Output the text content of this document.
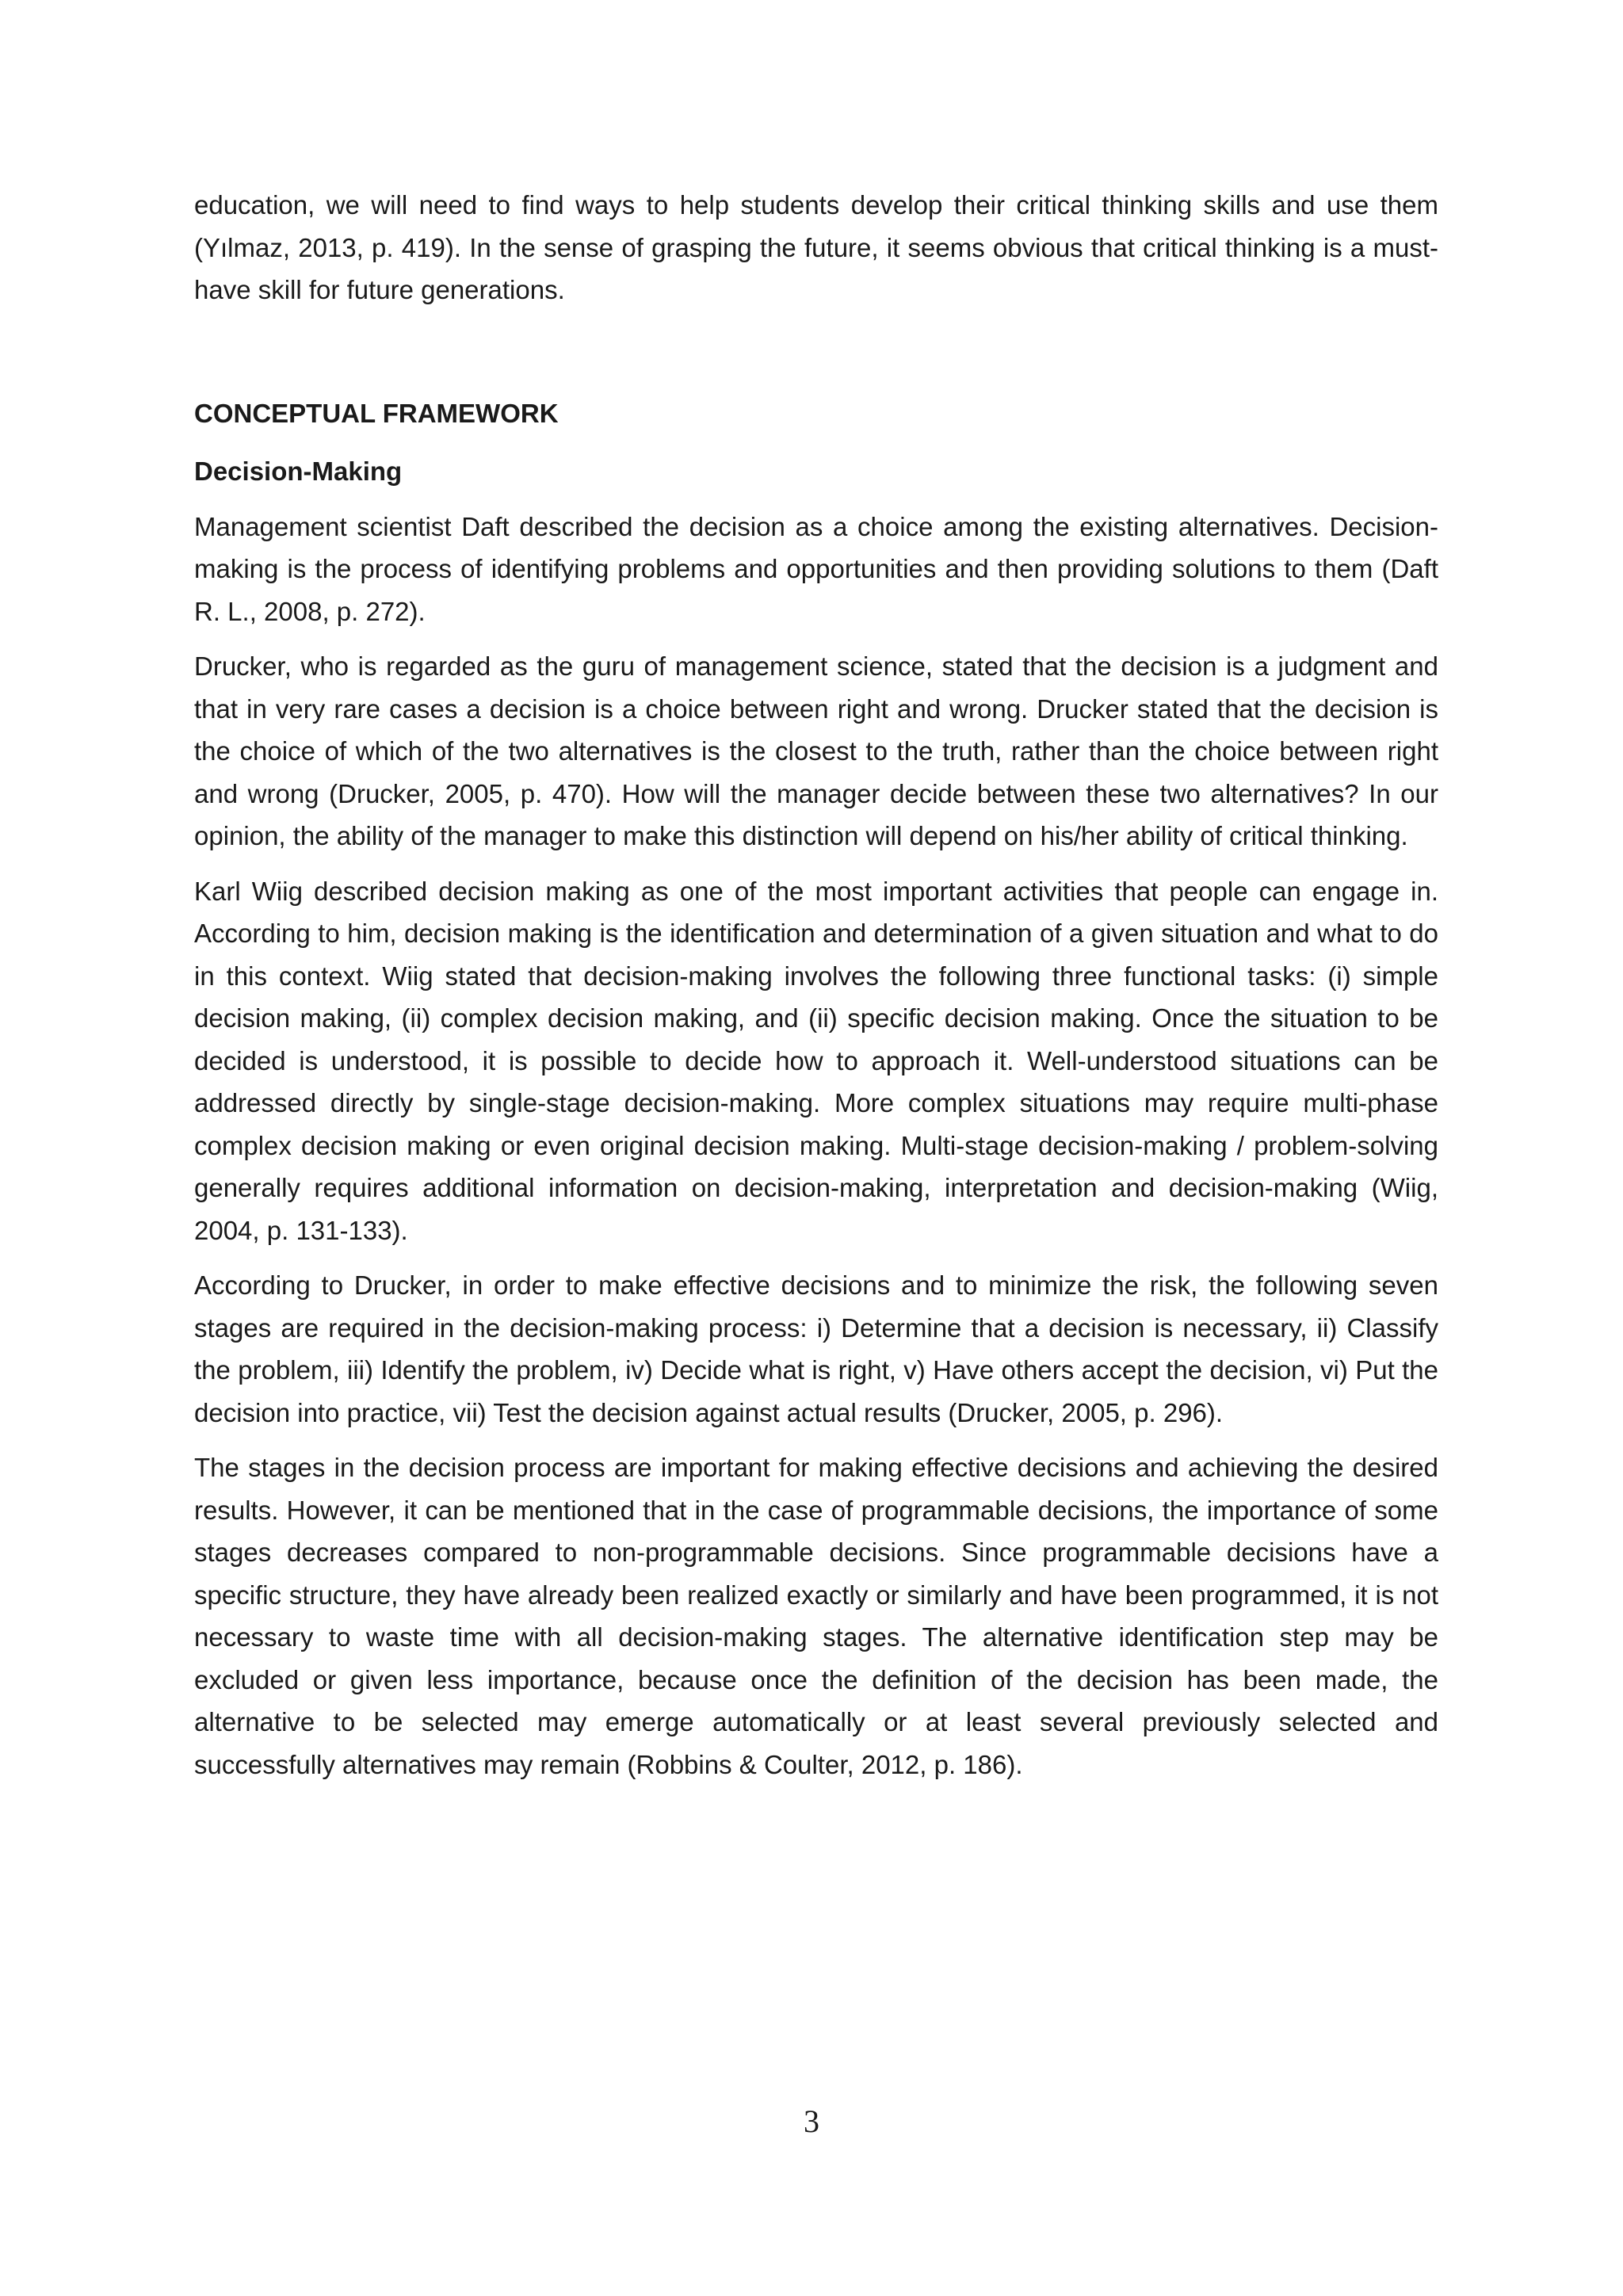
education, we will need to find ways to help students develop their critical thinking skills and use them (Yılmaz, 2013, p. 419). In the sense of grasping the future, it seems obvious that critical thinking is a must-have skill for future generations.

CONCEPTUAL FRAMEWORK
Decision-Making

Management scientist Daft described the decision as a choice among the existing alternatives. Decision-making is the process of identifying problems and opportunities and then providing solutions to them (Daft R. L., 2008, p. 272).

Drucker, who is regarded as the guru of management science, stated that the decision is a judgment and that in very rare cases a decision is a choice between right and wrong. Drucker stated that the decision is the choice of which of the two alternatives is the closest to the truth, rather than the choice between right and wrong (Drucker, 2005, p. 470). How will the manager decide between these two alternatives? In our opinion, the ability of the manager to make this distinction will depend on his/her ability of critical thinking.

Karl Wiig described decision making as one of the most important activities that people can engage in. According to him, decision making is the identification and determination of a given situation and what to do in this context. Wiig stated that decision-making involves the following three functional tasks: (i) simple decision making, (ii) complex decision making, and (ii) specific decision making. Once the situation to be decided is understood, it is possible to decide how to approach it. Well-understood situations can be addressed directly by single-stage decision-making. More complex situations may require multi-phase complex decision making or even original decision making. Multi-stage decision-making / problem-solving generally requires additional information on decision-making, interpretation and decision-making (Wiig, 2004, p. 131-133).

According to Drucker, in order to make effective decisions and to minimize the risk, the following seven stages are required in the decision-making process: i) Determine that a decision is necessary, ii) Classify the problem, iii) Identify the problem, iv) Decide what is right, v) Have others accept the decision, vi) Put the decision into practice, vii) Test the decision against actual results (Drucker, 2005, p. 296).

The stages in the decision process are important for making effective decisions and achieving the desired results. However, it can be mentioned that in the case of programmable decisions, the importance of some stages decreases compared to non-programmable decisions. Since programmable decisions have a specific structure, they have already been realized exactly or similarly and have been programmed, it is not necessary to waste time with all decision-making stages. The alternative identification step may be excluded or given less importance, because once the definition of the decision has been made, the alternative to be selected may emerge automatically or at least several previously selected and successfully alternatives may remain (Robbins & Coulter, 2012, p. 186).

3
